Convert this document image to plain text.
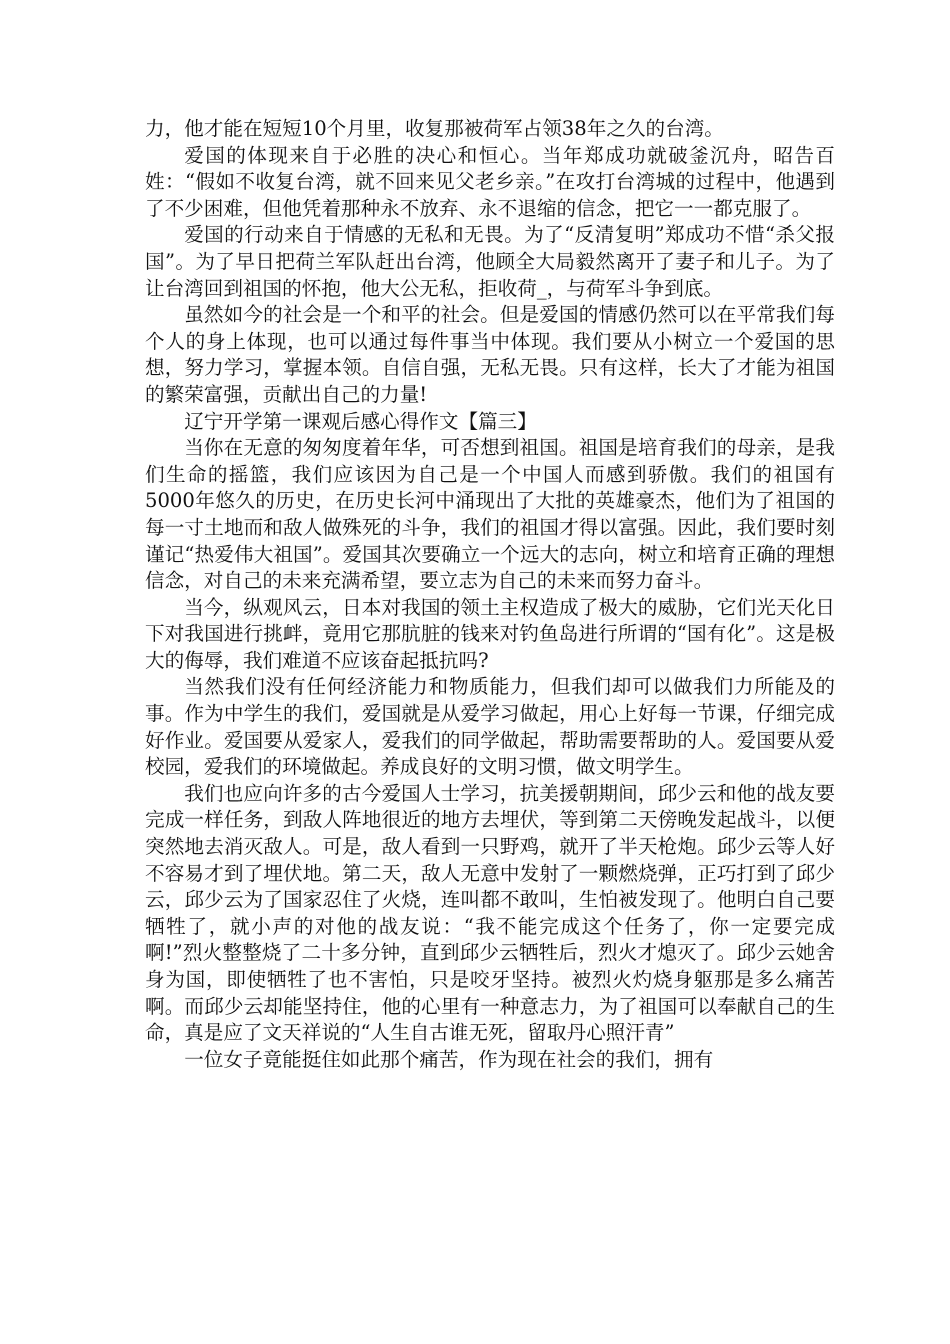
力，他才能在短短10个月里，收复那被荷军占领38年之久的台湾。

爱国的体现来自于必胜的决心和恒心。当年郑成功就破釜沉舟，昭告百姓：“假如不收复台湾，就不回来见父老乡亲。”在攻打台湾城的过程中，他遇到了不少困难，但他凭着那种永不放弃、永不退缩的信念，把它一一都克服了。

爱国的行动来自于情感的无私和无畏。为了“反清复明”郑成功不惜“杀父报国”。为了早日把荷兰军队赶出台湾，他顾全大局毅然离开了妻子和儿子。为了让台湾回到祖国的怀抱，他大公无私，拒收荷_，与荷军斗争到底。

虽然如今的社会是一个和平的社会。但是爱国的情感仍然可以在平常我们每个人的身上体现，也可以通过每件事当中体现。我们要从小树立一个爱国的思想，努力学习，掌握本领。自信自强，无私无畏。只有这样，长大了才能为祖国的繁荣富强，贡献出自己的力量!

辽宁开学第一课观后感心得作文【篇三】

当你在无意的匆匆度着年华，可否想到祖国。祖国是培育我们的母亲，是我们生命的摇篮，我们应该因为自己是一个中国人而感到骄傲。我们的祖国有5000年悠久的历史，在历史长河中涌现出了大批的英雄豪杰，他们为了祖国的每一寸土地而和敌人做殊死的斗争，我们的祖国才得以富强。因此，我们要时刻谨记“热爱伟大祖国”。爱国其次要确立一个远大的志向，树立和培育正确的理想信念，对自己的未来充满希望，要立志为自己的未来而努力奋斗。

当今，纵观风云，日本对我国的领土主权造成了极大的威胁，它们光天化日下对我国进行挑衅，竟用它那肮脏的钱来对钓鱼岛进行所谓的“国有化”。这是极大的侮辱，我们难道不应该奋起抵抗吗?

当然我们没有任何经济能力和物质能力，但我们却可以做我们力所能及的事。作为中学生的我们，爱国就是从爱学习做起，用心上好每一节课，仔细完成好作业。爱国要从爱家人，爱我们的同学做起，帮助需要帮助的人。爱国要从爱校园，爱我们的环境做起。养成良好的文明习惯，做文明学生。

我们也应向许多的古今爱国人士学习，抗美援朝期间，邱少云和他的战友要完成一样任务，到敌人阵地很近的地方去埋伏，等到第二天傍晚发起战斗，以便突然地去消灭敌人。可是，敌人看到一只野鸡，就开了半天枪炮。邱少云等人好不容易才到了埋伏地。第二天，敌人无意中发射了一颗燃烧弹，正巧打到了邱少云，邱少云为了国家忍住了火烧，连叫都不敢叫，生怕被发现了。他明白自己要牺牲了，就小声的对他的战友说：“我不能完成这个任务了，你一定要完成啊!”烈火整整烧了二十多分钟，直到邱少云牺牲后，烈火才熄灭了。邱少云她舍身为国，即使牺牲了也不害怕，只是咬牙坚持。被烈火灼烧身躯那是多么痛苦啊。而邱少云却能坚持住，他的心里有一种意志力，为了祖国可以奉献自己的生命，真是应了文天祥说的“人生自古谁无死，留取丹心照汗青”

一位女子竟能挺住如此那个痛苦，作为现在社会的我们，拥有
